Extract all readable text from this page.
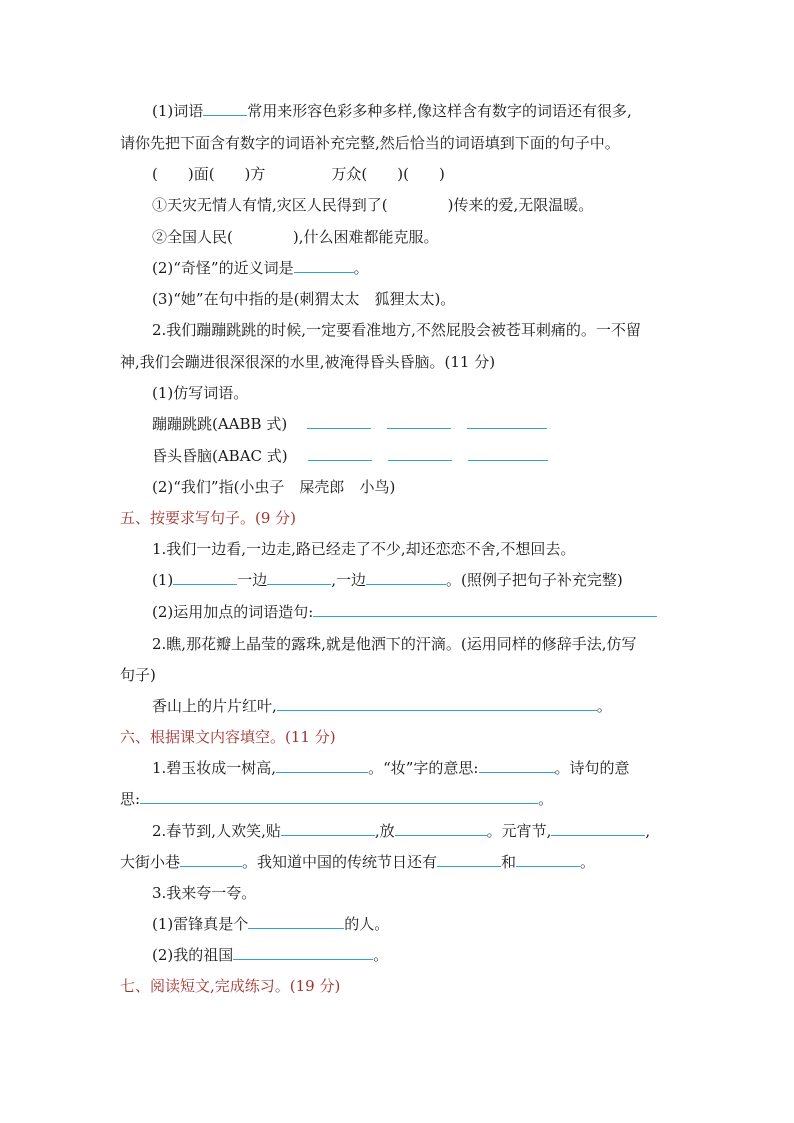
(1)词语	常用来形容色彩多种多样,像这样含有数字的词语还有很多,
请你先把下面含有数字的词语补充完整,然后恰当的词语填到下面的句子中。
(　　)面(　　)方	万众(　　)(　　)
①天灾无情人有情,灾区人民得到了(　　　　)传来的爱,无限温暖。
②全国人民(　　　　),什么困难都能克服。
(2)“奇怪”的近义词是	。
(3)“她”在句中指的是(刺猬太太　狐狸太太)。
2.我们蹦蹦跳跳的时候,一定要看准地方,不然屁股会被苍耳刺痛的。一不留
神,我们会蹦进很深很深的水里,被淹得昏头昏脑。(11 分)
(1)仿写词语。
蹦蹦跳跳(AABB 式)
昏头昏脑(ABAC 式)
(2)“我们”指(小虫子　屎壳郎　小鸟)
五、按要求写句子。(9 分)
1.我们一边看,一边走,路已经走了不少,却还恋恋不舍,不想回去。
(1)	一边	,一边	。(照例子把句子补充完整)
(2)运用加点的词语造句:
2.瞧,那花瓣上晶莹的露珠,就是他洒下的汗滴。(运用同样的修辞手法,仿写
句子)
香山上的片片红叶,	。
六、根据课文内容填空。(11 分)
1.碧玉妆成一树高,	。“妆”字的意思:	。诗句的意
思:	。
2.春节到,人欢笑,贴	,放	。元宵节,	,
大街小巷	。我知道中国的传统节日还有	和	。
3.我来夸一夸。
(1)雷锋真是个	的人。
(2)我的祖国	。
七、阅读短文,完成练习。(19 分)
